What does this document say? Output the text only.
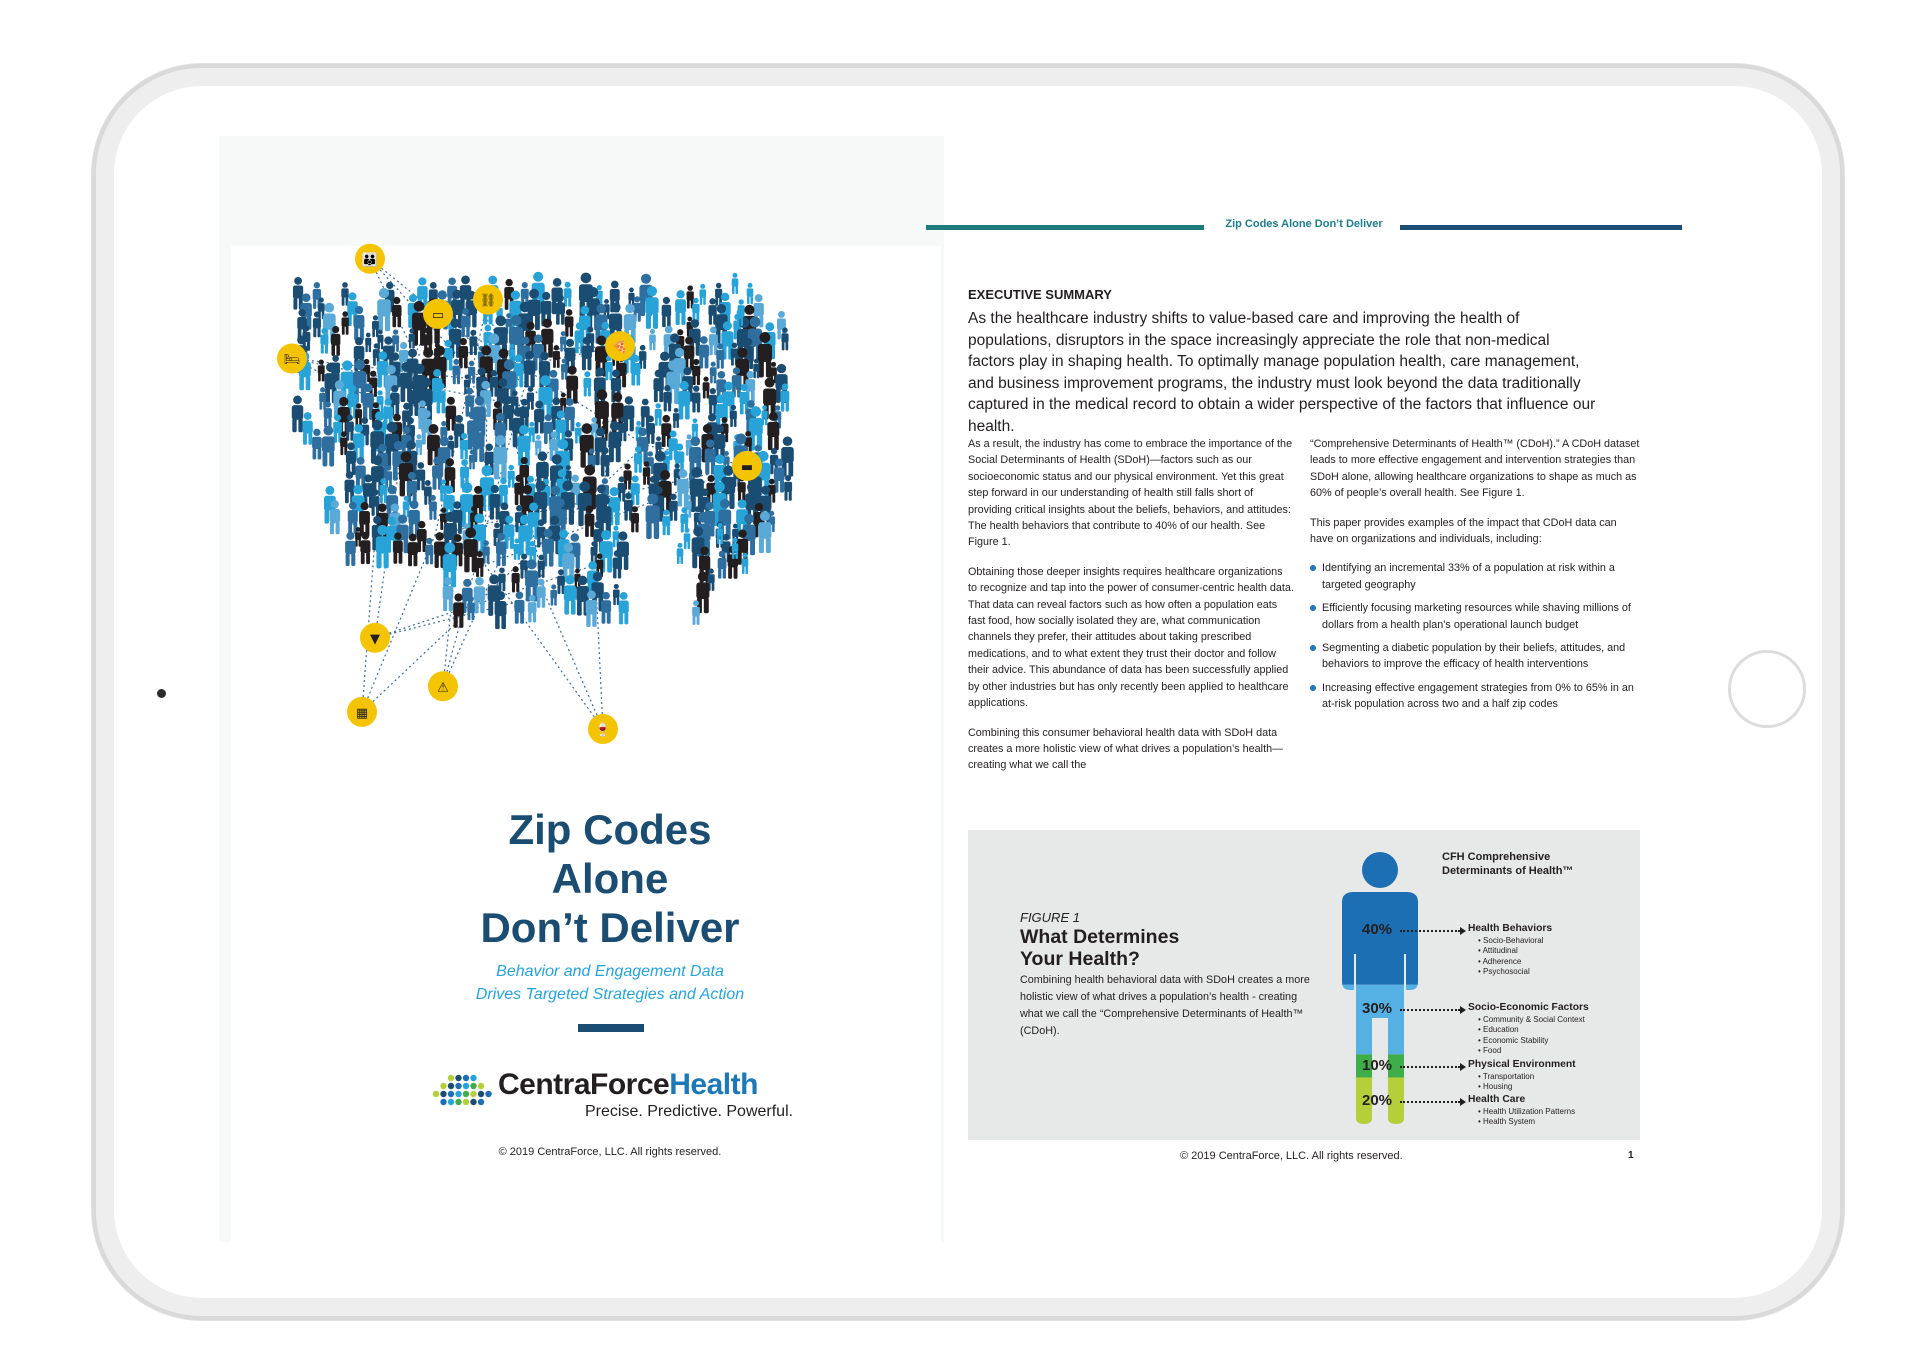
Zip Codes Alone Don’t Deliver
👪
▭
⛓
🍕
🛏
▬
▼
⚠
▦
🍷
Zip Codes
Alone
Don’t Deliver
Behavior and Engagement Data
Drives Targeted Strategies and Action
CentraForceHealth
Precise. Predictive. Powerful.
© 2019 CentraForce, LLC. All rights reserved.
EXECUTIVE SUMMARY
As the healthcare industry shifts to value-based care and improving the health of populations, disruptors in the space increasingly appreciate the role that non-medical factors play in shaping health. To optimally manage population health, care management, and business improvement programs, the industry must look beyond the data traditionally captured in the medical record to obtain a wider perspective of the factors that influence our health.

As a result, the industry has come to embrace the importance of the Social Determinants of Health (SDoH)—factors such as our socioeconomic status and our physical environment. Yet this great step forward in our understanding of health still falls short of providing critical insights about the beliefs, behaviors, and attitudes: The health behaviors that contribute to 40% of our health. See Figure 1.

Obtaining those deeper insights requires healthcare organizations to recognize and tap into the power of consumer-centric health data. That data can reveal factors such as how often a population eats fast food, how socially isolated they are, what communication channels they prefer, their attitudes about taking prescribed medications, and to what extent they trust their doctor and follow their advice. This abundance of data has been successfully applied by other industries but has only recently been applied to healthcare applications.

Combining this consumer behavioral health data with SDoH data creates a more holistic view of what drives a population’s health—creating what we call the

“Comprehensive Determinants of Health™ (CDoH).” A CDoH dataset leads to more effective engagement and intervention strategies than SDoH alone, allowing healthcare organizations to shape as much as 60% of people’s overall health. See Figure 1.

This paper provides examples of the impact that CDoH data can have on organizations and individuals, including:

Identifying an incremental 33% of a population at risk within a targeted geography
Efficiently focusing marketing resources while shaving millions of dollars from a health plan’s operational launch budget
Segmenting a diabetic population by their beliefs, attitudes, and behaviors to improve the efficacy of health interventions
Increasing effective engagement strategies from 0% to 65% in an at-risk population across two and a half zip codes
FIGURE 1
What Determines Your Health?
Combining health behavioral data with SDoH creates a more holistic view of what drives a population’s health - creating what we call the “Comprehensive Determinants of Health™ (CDoH).
CFH Comprehensive Determinants of Health™
40%	Health Behaviors
• Socio-Behavioral
• Attitudinal
• Adherence
• Psychosocial
30%	Socio-Economic Factors
• Community & Social Context
• Education
• Economic Stability
• Food
10%	Physical Environment
• Transportation
• Housing
20%	Health Care
• Health Utilization Patterns
• Health System
© 2019 CentraForce, LLC. All rights reserved.	1
